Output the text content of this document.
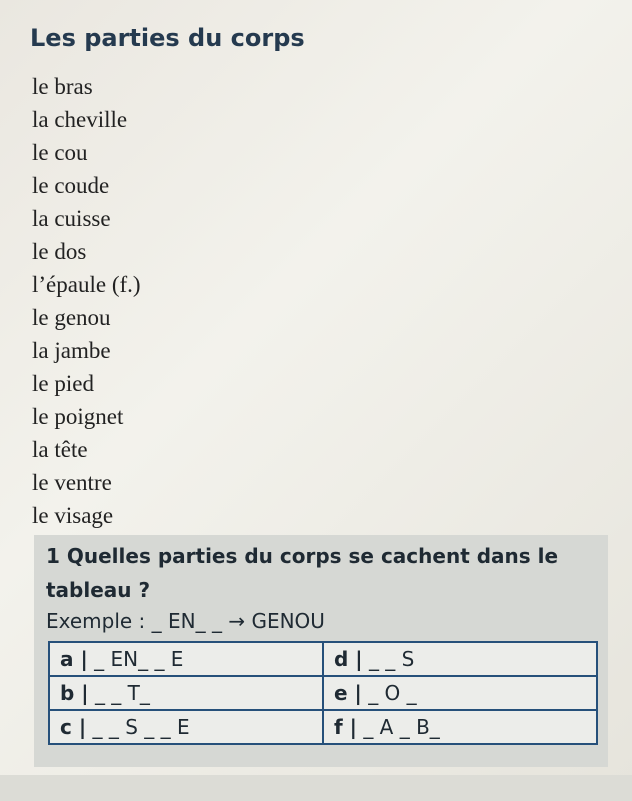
Les parties du corps
le bras
la cheville
le cou
le coude
la cuisse
le dos
l’épaule (f.)
le genou
la jambe
le pied
le poignet
la tête
le ventre
le visage
1 Quelles parties du corps se cachent dans le tableau ?
Exemple : _ EN_ _ → GENOU
a | _ EN_ _ E	d | _ _ S
b | _ _ T_	e | _ O _
c | _ _ S _ _ E	f | _ A _ B_
